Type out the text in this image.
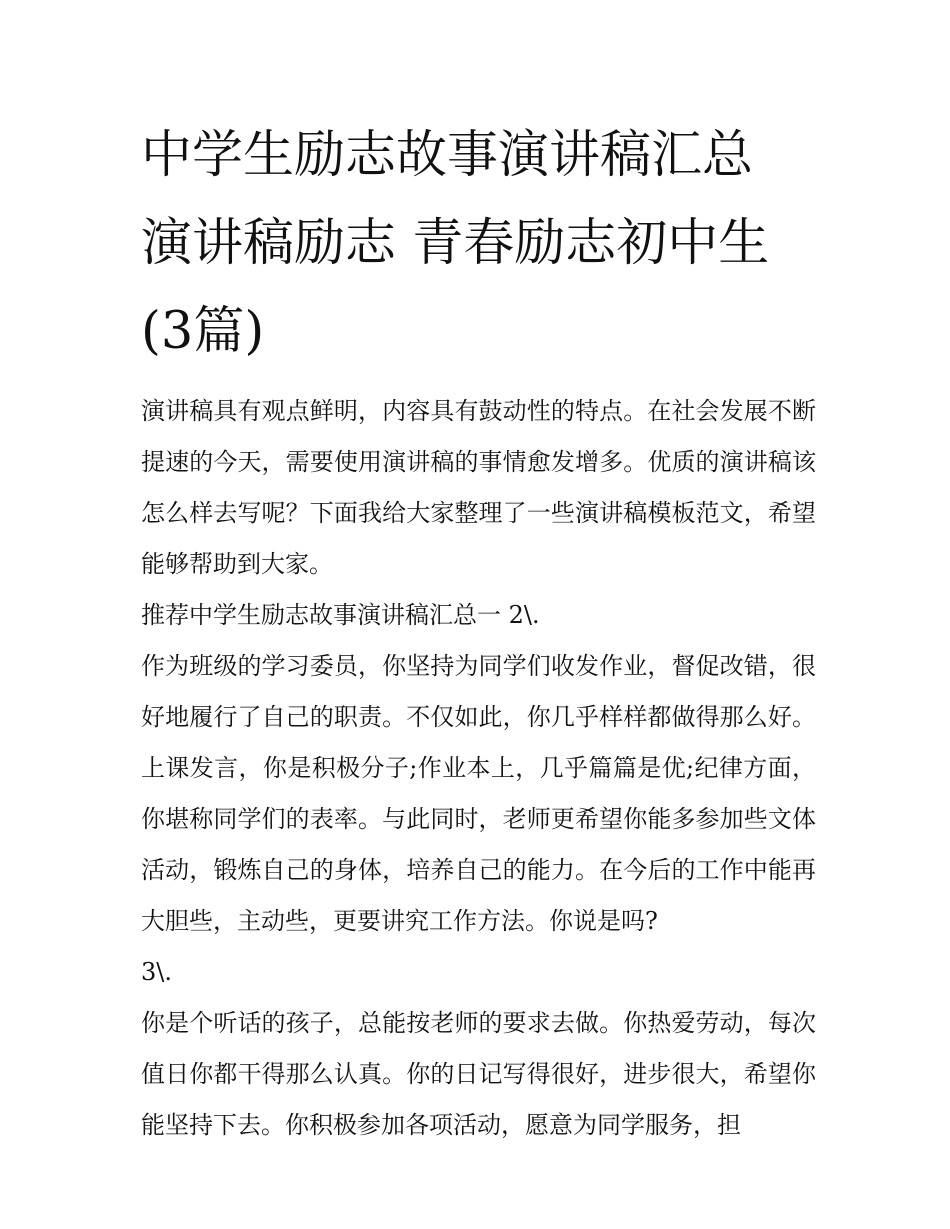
中学生励志故事演讲稿汇总 演讲稿励志 青春励志初中生(3篇)

演讲稿具有观点鲜明，内容具有鼓动性的特点。在社会发展不断提速的今天，需要使用演讲稿的事情愈发增多。优质的演讲稿该怎么样去写呢？下面我给大家整理了一些演讲稿模板范文，希望能够帮助到大家。

推荐中学生励志故事演讲稿汇总一 2\.

作为班级的学习委员，你坚持为同学们收发作业，督促改错，很好地履行了自己的职责。不仅如此，你几乎样样都做得那么好。上课发言，你是积极分子;作业本上，几乎篇篇是优;纪律方面，你堪称同学们的表率。与此同时，老师更希望你能多参加些文体活动，锻炼自己的身体，培养自己的能力。在今后的工作中能再大胆些，主动些，更要讲究工作方法。你说是吗?

3\.

你是个听话的孩子，总能按老师的要求去做。你热爱劳动，每次值日你都干得那么认真。你的日记写得很好，进步很大，希望你能坚持下去。你积极参加各项活动，愿意为同学服务，担
